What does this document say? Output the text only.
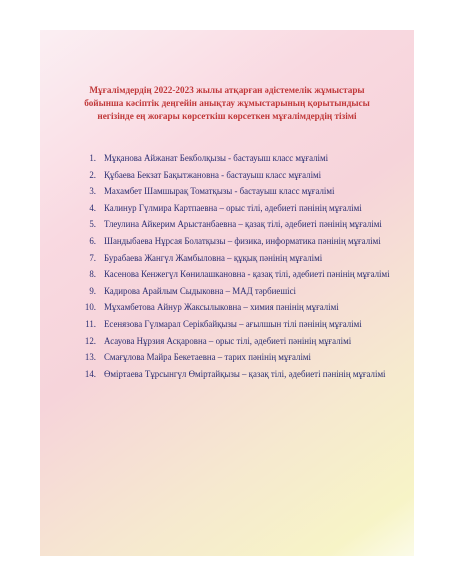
Мұғалімдердің 2022-2023 жылы атқарған әдістемелік жұмыстары бойынша кәсіптік деңгейін анықтау жұмыстарының қорытындысы негізінде ең жоғары көрсеткіш көрсеткен мұғалімдердің тізімі

1. Мұқанова Айжанат Бекболқызы - бастауыш класс мұғалімі
2. Құбаева Бекзат Бақытжановна - бастауыш класс мұғалімі
3. Махамбет Шамшырақ Томатқызы - бастауыш класс мұғалімі
4. Калинур Гүлмира Картпаевна – орыс тілі, әдебиеті пәнінің мұғалімі
5. Тлеулина Айкерим Арыстанбаевна – қазақ тілі, әдебиеті пәнінің мұғалімі
6. Шандыбаева Нұрсая Болатқызы – физика, информатика пәнінің мұғалімі
7. Бурабаева Жангүл Жамбыловна – құқық пәнінің мұғалімі
8. Касенова Кенжегүл Көнилашкановна - қазақ тілі, әдебиеті пәнінің мұғалімі
9. Кадирова Арайлым Сыдыковна – МАД тәрбиешісі
10. Мұхамбетова Айнур Жаксылыковна – химия пәнінің мұғалімі
11. Есенязова Гүлмарал Серікбайқызы – ағылшын тілі пәнінің мұғалімі
12. Асауова Нұрзия Асқаровна – орыс тілі, әдебиеті пәнінің мұғалімі
13. Смағұлова Майра Бекетаевна – тарих пәнінің мұғалімі
14. Өміртаева Тұрсынгүл Өміртайқызы – қазақ тілі, әдебиеті пәнінің мұғалімі
